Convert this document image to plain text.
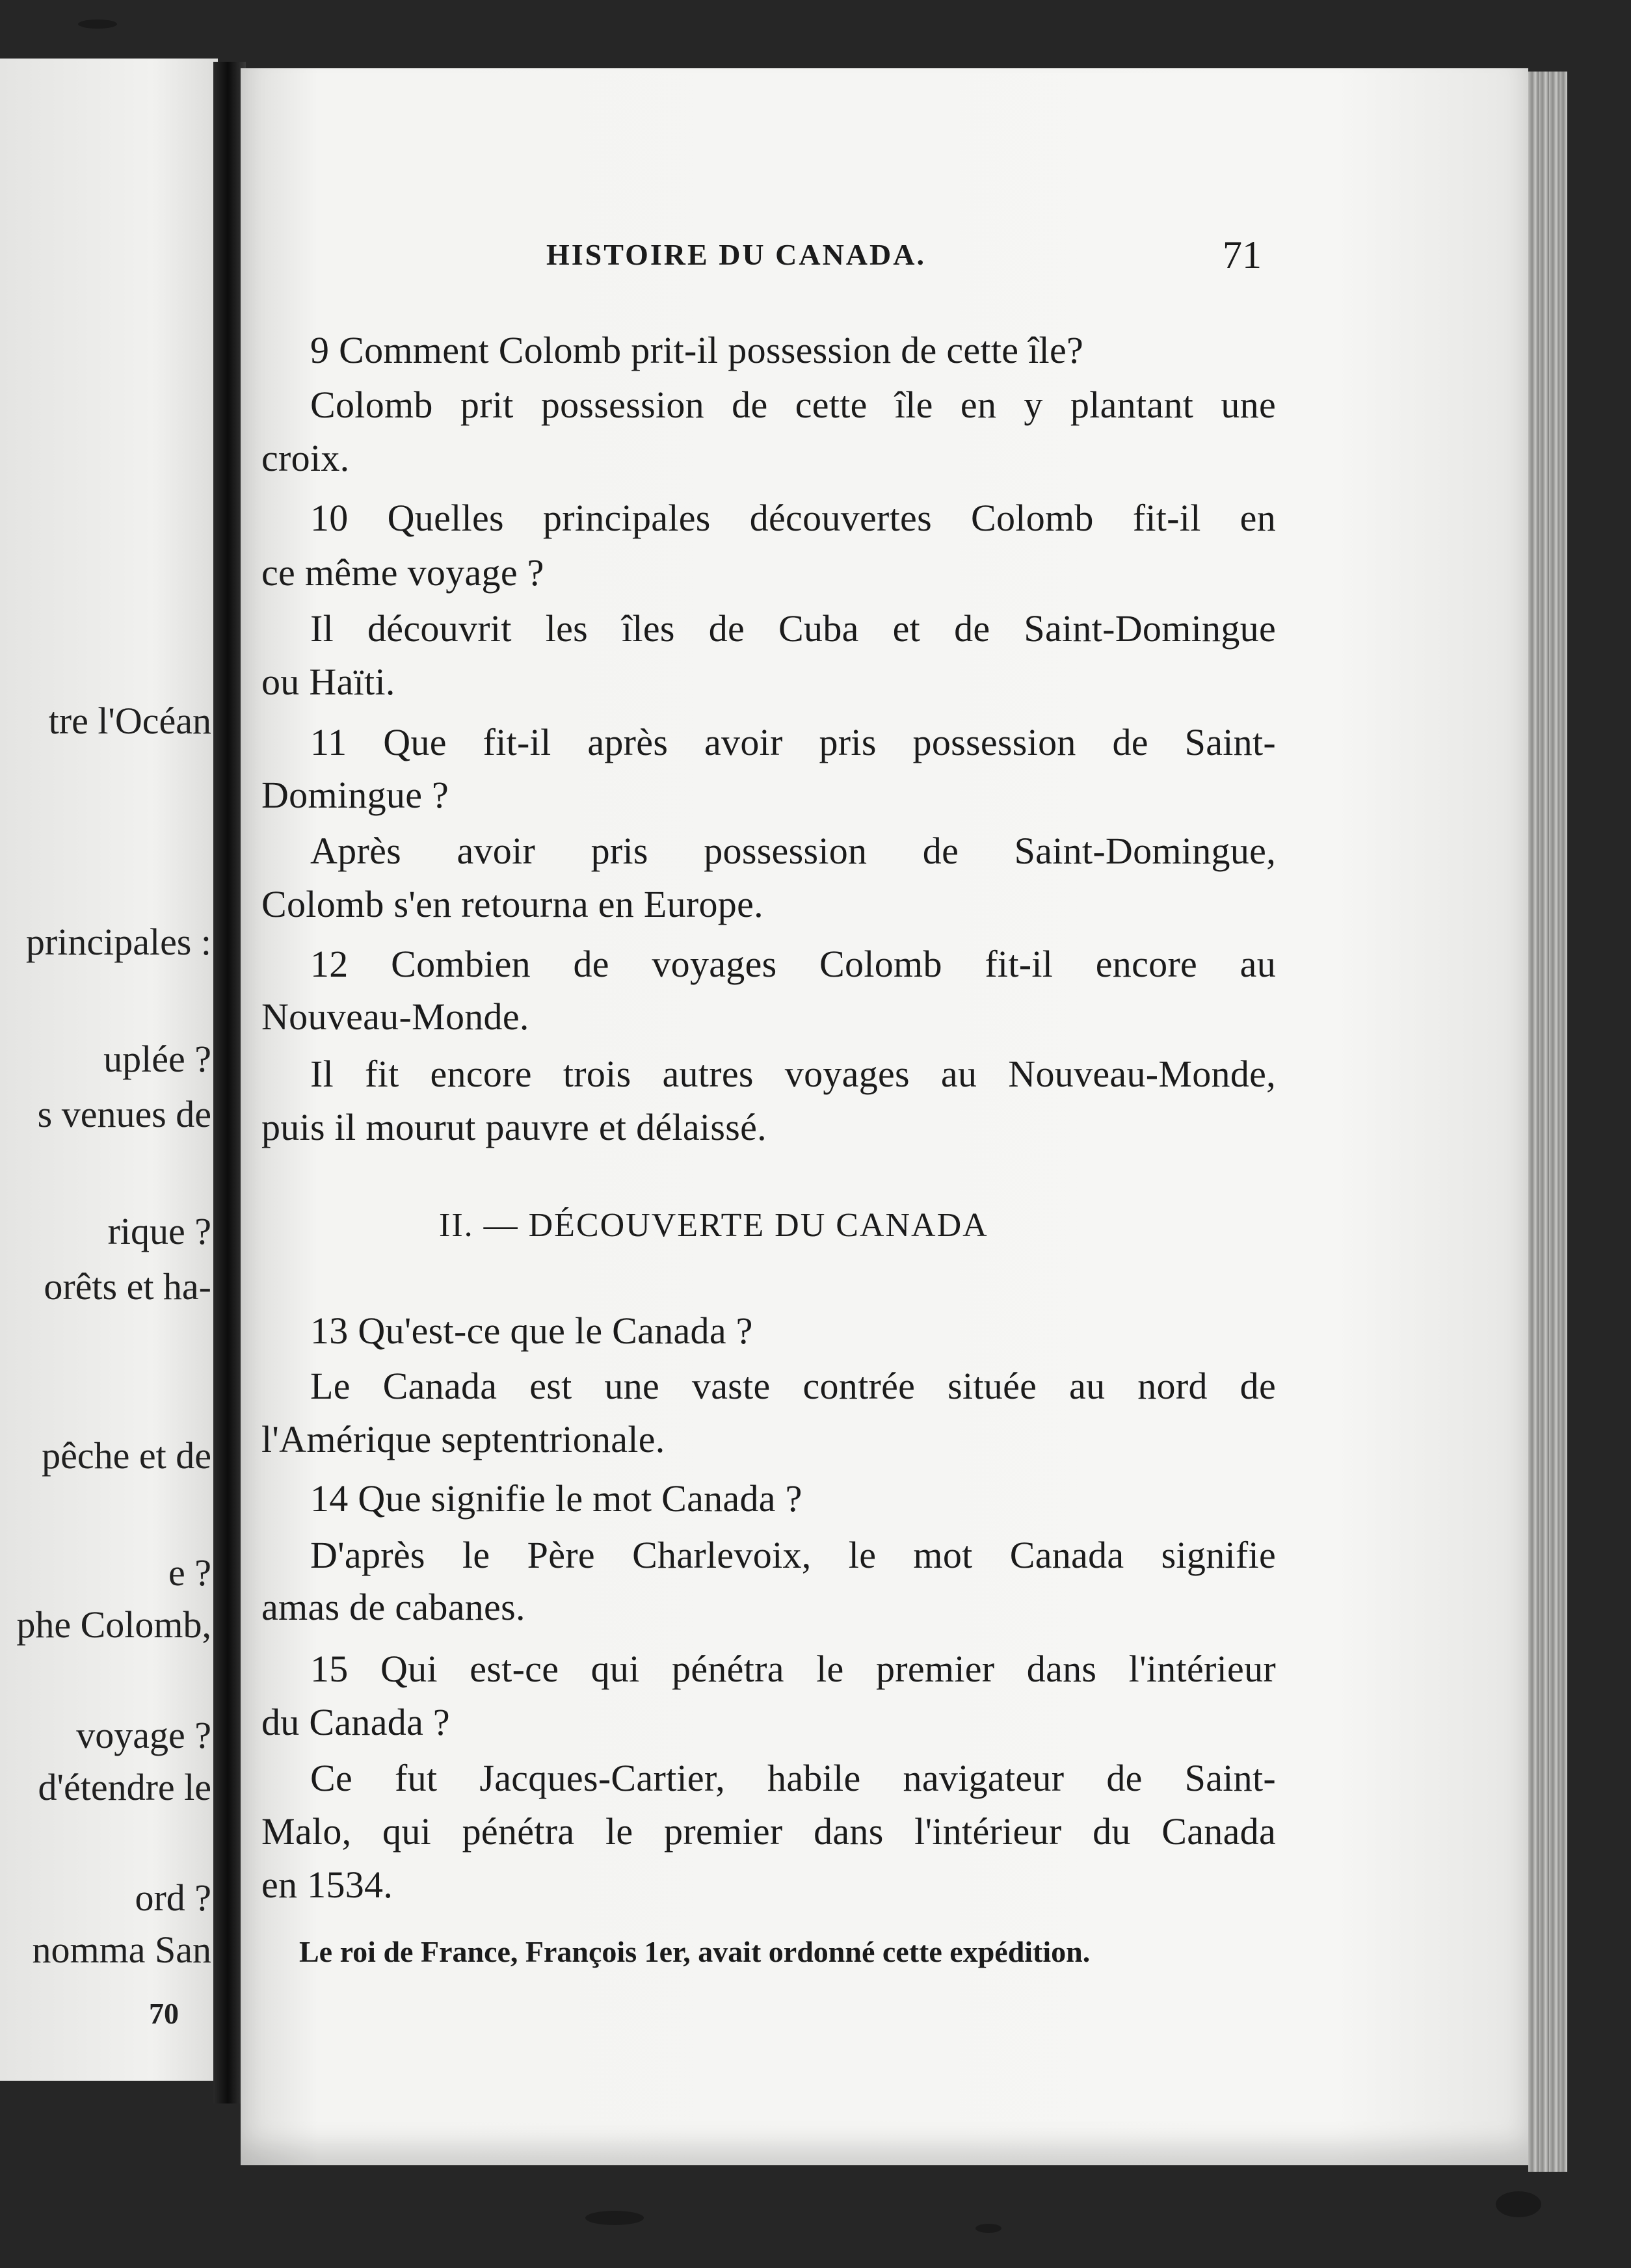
tre l'Océan
principales :
uplée ?
s venues de
rique ?
orêts et ha-
pêche et de
e ?
phe Colomb,
voyage ?
d'étendre le
ord ?
nomma San
70
HISTOIRE DU CANADA.	71
9 Comment Colomb prit-il possession de cette île?
Colomb prit possession de cette île en y plantant une
croix.
10 Quelles principales découvertes Colomb fit-il en
ce même voyage ?
Il découvrit les îles de Cuba et de Saint-Domingue
ou Haïti.
11 Que fit-il après avoir pris possession de Saint-
Domingue ?
Après avoir pris possession de Saint-Domingue,
Colomb s'en retourna en Europe.
12 Combien de voyages Colomb fit-il encore au
Nouveau-Monde.
Il fit encore trois autres voyages au Nouveau-Monde,
puis il mourut pauvre et délaissé.
II. — DÉCOUVERTE DU CANADA
13 Qu'est-ce que le Canada ?
Le Canada est une vaste contrée située au nord de
l'Amérique septentrionale.
14 Que signifie le mot Canada ?
D'après le Père Charlevoix, le mot Canada signifie
amas de cabanes.
15 Qui est-ce qui pénétra le premier dans l'intérieur
du Canada ?
Ce fut Jacques-Cartier, habile navigateur de Saint-
Malo, qui pénétra le premier dans l'intérieur du Canada
en 1534.
Le roi de France, François 1er, avait ordonné cette expédition.
